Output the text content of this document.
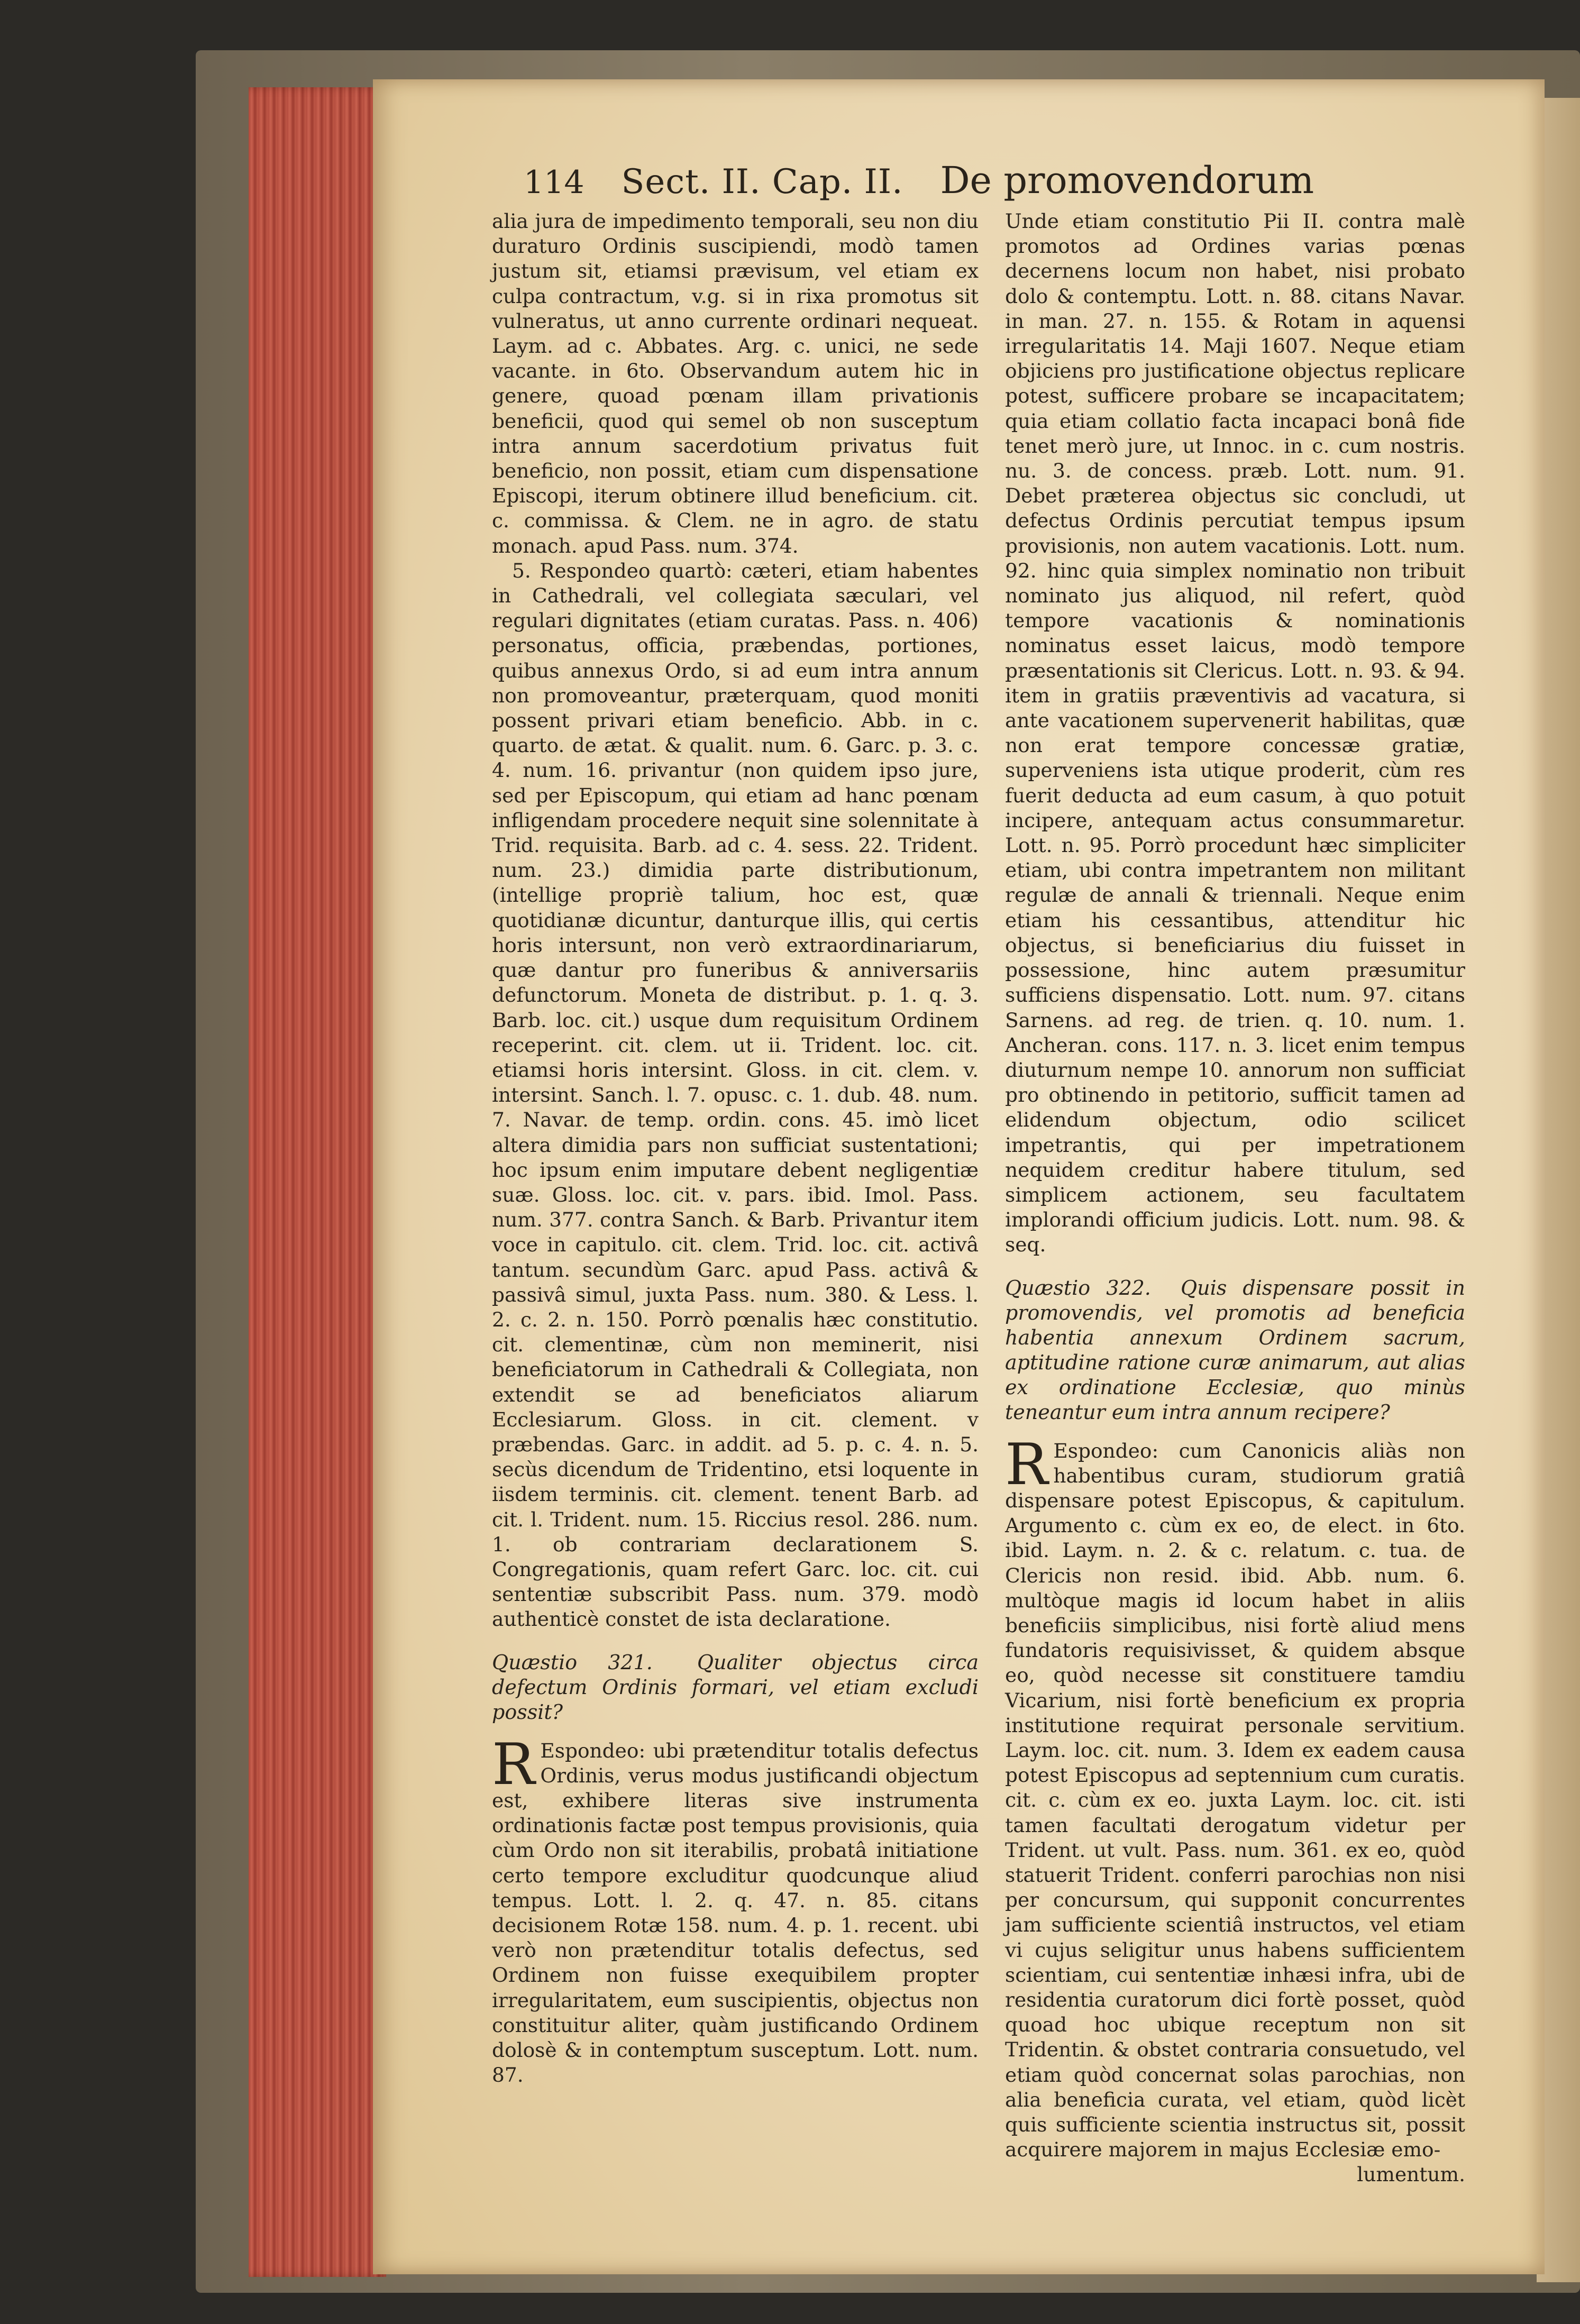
114 Sect. II. Cap. II. De promovendorum

alia jura de impedimento temporali, seu non diu duraturo Ordinis suscipiendi, modò tamen justum sit, etiamsi prævisum, vel etiam ex culpa contractum, v.g. si in rixa promotus sit vulneratus, ut anno currente ordinari nequeat. Laym. ad c. Abbates. Arg. c. unici, ne sede vacante. in 6to. Observandum autem hic in genere, quoad pœnam illam privationis beneficii, quod qui semel ob non susceptum intra annum sacerdotium privatus fuit beneficio, non possit, etiam cum dispensatione Episcopi, iterum obtinere illud beneficium. cit. c. commissa. & Clem. ne in agro. de statu monach. apud Pass. num. 374.

5. Respondeo quartò: cæteri, etiam habentes in Cathedrali, vel collegiata sæculari, vel regulari dignitates (etiam curatas. Pass. n. 406) personatus, officia, præbendas, portiones, quibus annexus Ordo, si ad eum intra annum non promoveantur, præterquam, quod moniti possent privari etiam beneficio. Abb. in c. quarto. de ætat. & qualit. num. 6. Garc. p. 3. c. 4. num. 16. privantur (non quidem ipso jure, sed per Episcopum, qui etiam ad hanc pœnam infligendam procedere nequit sine solennitate à Trid. requisita. Barb. ad c. 4. sess. 22. Trident. num. 23.) dimidia parte distributionum, (intellige propriè talium, hoc est, quæ quotidianæ dicuntur, danturque illis, qui certis horis intersunt, non verò extraordinariarum, quæ dantur pro funeribus & anniversariis defunctorum. Moneta de distribut. p. 1. q. 3. Barb. loc. cit.) usque dum requisitum Ordinem receperint. cit. clem. ut ii. Trident. loc. cit. etiamsi horis intersint. Gloss. in cit. clem. v. intersint. Sanch. l. 7. opusc. c. 1. dub. 48. num. 7. Navar. de temp. ordin. cons. 45. imò licet altera dimidia pars non sufficiat sustentationi; hoc ipsum enim imputare debent negligentiæ suæ. Gloss. loc. cit. v. pars. ibid. Imol. Pass. num. 377. contra Sanch. & Barb. Privantur item voce in capitulo. cit. clem. Trid. loc. cit. activâ tantum. secundùm Garc. apud Pass. activâ & passivâ simul, juxta Pass. num. 380. & Less. l. 2. c. 2. n. 150. Porrò pœnalis hæc constitutio. cit. clementinæ, cùm non meminerit, nisi beneficiatorum in Cathedrali & Collegiata, non extendit se ad beneficiatos aliarum Ecclesiarum. Gloss. in cit. clement. v præbendas. Garc. in addit. ad 5. p. c. 4. n. 5. secùs dicendum de Tridentino, etsi loquente in iisdem terminis. cit. clement. tenent Barb. ad cit. l. Trident. num. 15. Riccius resol. 286. num. 1. ob contrariam declarationem S. Congregationis, quam refert Garc. loc. cit. cui sententiæ subscribit Pass. num. 379. modò authenticè constet de ista declaratione.

Quæstio 321. Qualiter objectus circa defectum Ordinis formari, vel etiam excludi possit?

REspondeo: ubi prætenditur totalis defectus Ordinis, verus modus justificandi objectum est, exhibere literas sive instrumenta ordinationis factæ post tempus provisionis, quia cùm Ordo non sit iterabilis, probatâ initiatione certo tempore excluditur quodcunque aliud tempus. Lott. l. 2. q. 47. n. 85. citans decisionem Rotæ 158. num. 4. p. 1. recent. ubi verò non prætenditur totalis defectus, sed Ordinem non fuisse exequibilem propter irregularitatem, eum suscipientis, objectus non constituitur aliter, quàm justificando Ordinem dolosè & in contemptum susceptum. Lott. num. 87.

Unde etiam constitutio Pii II. contra malè promotos ad Ordines varias pœnas decernens locum non habet, nisi probato dolo & contemptu. Lott. n. 88. citans Navar. in man. 27. n. 155. & Rotam in aquensi irregularitatis 14. Maji 1607. Neque etiam objiciens pro justificatione objectus replicare potest, sufficere probare se incapacitatem; quia etiam collatio facta incapaci bonâ fide tenet merò jure, ut Innoc. in c. cum nostris. nu. 3. de concess. præb. Lott. num. 91. Debet præterea objectus sic concludi, ut defectus Ordinis percutiat tempus ipsum provisionis, non autem vacationis. Lott. num. 92. hinc quia simplex nominatio non tribuit nominato jus aliquod, nil refert, quòd tempore vacationis & nominationis nominatus esset laicus, modò tempore præsentationis sit Clericus. Lott. n. 93. & 94. item in gratiis præventivis ad vacatura, si ante vacationem supervenerit habilitas, quæ non erat tempore concessæ gratiæ, superveniens ista utique proderit, cùm res fuerit deducta ad eum casum, à quo potuit incipere, antequam actus consummaretur. Lott. n. 95. Porrò procedunt hæc simpliciter etiam, ubi contra impetrantem non militant regulæ de annali & triennali. Neque enim etiam his cessantibus, attenditur hic objectus, si beneficiarius diu fuisset in possessione, hinc autem præsumitur sufficiens dispensatio. Lott. num. 97. citans Sarnens. ad reg. de trien. q. 10. num. 1. Ancheran. cons. 117. n. 3. licet enim tempus diuturnum nempe 10. annorum non sufficiat pro obtinendo in petitorio, sufficit tamen ad elidendum objectum, odio scilicet impetrantis, qui per impetrationem nequidem creditur habere titulum, sed simplicem actionem, seu facultatem implorandi officium judicis. Lott. num. 98. & seq.

Quæstio 322. Quis dispensare possit in promovendis, vel promotis ad beneficia habentia annexum Ordinem sacrum, aptitudine ratione curæ animarum, aut alias ex ordinatione Ecclesiæ, quo minùs teneantur eum intra annum recipere?

REspondeo: cum Canonicis aliàs non habentibus curam, studiorum gratiâ dispensare potest Episcopus, & capitulum. Argumento c. cùm ex eo, de elect. in 6to. ibid. Laym. n. 2. & c. relatum. c. tua. de Clericis non resid. ibid. Abb. num. 6. multòque magis id locum habet in aliis beneficiis simplicibus, nisi fortè aliud mens fundatoris requisivisset, & quidem absque eo, quòd necesse sit constituere tamdiu Vicarium, nisi fortè beneficium ex propria institutione requirat personale servitium. Laym. loc. cit. num. 3. Idem ex eadem causa potest Episcopus ad septennium cum curatis. cit. c. cùm ex eo. juxta Laym. loc. cit. isti tamen facultati derogatum videtur per Trident. ut vult. Pass. num. 361. ex eo, quòd statuerit Trident. conferri parochias non nisi per concursum, qui supponit concurrentes jam sufficiente scientiâ instructos, vel etiam vi cujus seligitur unus habens sufficientem scientiam, cui sententiæ inhæsi infra, ubi de residentia curatorum dici fortè posset, quòd quoad hoc ubique receptum non sit Tridentin. & obstet contraria consuetudo, vel etiam quòd concernat solas parochias, non alia beneficia curata, vel etiam, quòd licèt quis sufficiente scientia instructus sit, possit acquirere majorem in majus Ecclesiæ emo-

lumentum.
